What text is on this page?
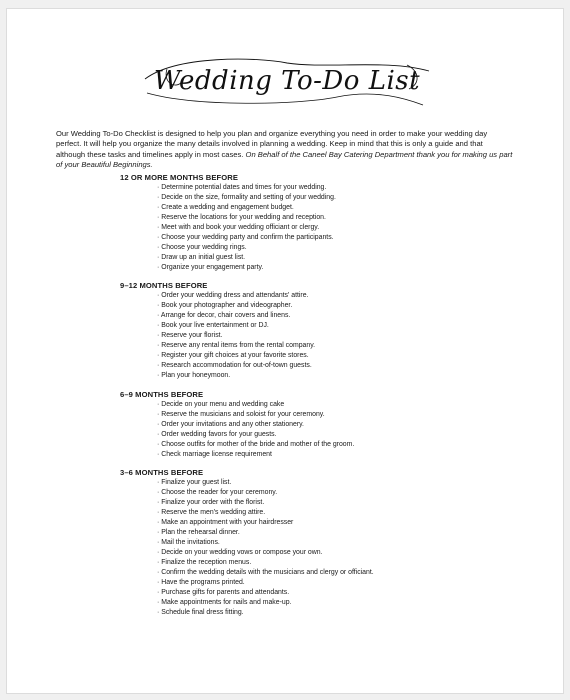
Wedding To-Do List

Our Wedding To-Do Checklist is designed to help you plan and organize everything you need in order to make your wedding day perfect. It will help you organize the many details involved in planning a wedding. Keep in mind that this is only a guide and that although these tasks and timelines apply in most cases. On Behalf of the Caneel Bay Catering Department thank you for making us part of your Beautiful Beginnings.

12 OR MORE MONTHS BEFORE
· Determine potential dates and times for your wedding.
· Decide on the size, formality and setting of your wedding.
· Create a wedding and engagement budget.
· Reserve the locations for your wedding and reception.
· Meet with and book your wedding officiant or clergy.
· Choose your wedding party and confirm the participants.
· Choose your wedding rings.
· Draw up an initial guest list.
· Organize your engagement party.
9–12 MONTHS BEFORE
· Order your wedding dress and attendants' attire.
· Book your photographer and videographer.
· Arrange for decor, chair covers and linens.
· Book your live entertainment or DJ.
· Reserve your florist.
· Reserve any rental items from the rental company.
· Register your gift choices at your favorite stores.
· Research accommodation for out-of-town guests.
· Plan your honeymoon.
6–9 MONTHS BEFORE
· Decide on your menu and wedding cake
· Reserve the musicians and soloist for your ceremony.
· Order your invitations and any other stationery.
· Order wedding favors for your guests.
· Choose outfits for mother of the bride and mother of the groom.
· Check marriage license requirement
3–6 MONTHS BEFORE
· Finalize your guest list.
· Choose the reader for your ceremony.
· Finalize your order with the florist.
· Reserve the men's wedding attire.
· Make an appointment with your hairdresser
· Plan the rehearsal dinner.
· Mail the invitations.
· Decide on your wedding vows or compose your own.
· Finalize the reception menus.
· Confirm the wedding details with the musicians and clergy or officiant.
· Have the programs printed.
· Purchase gifts for parents and attendants.
· Make appointments for nails and make-up.
· Schedule final dress fitting.
